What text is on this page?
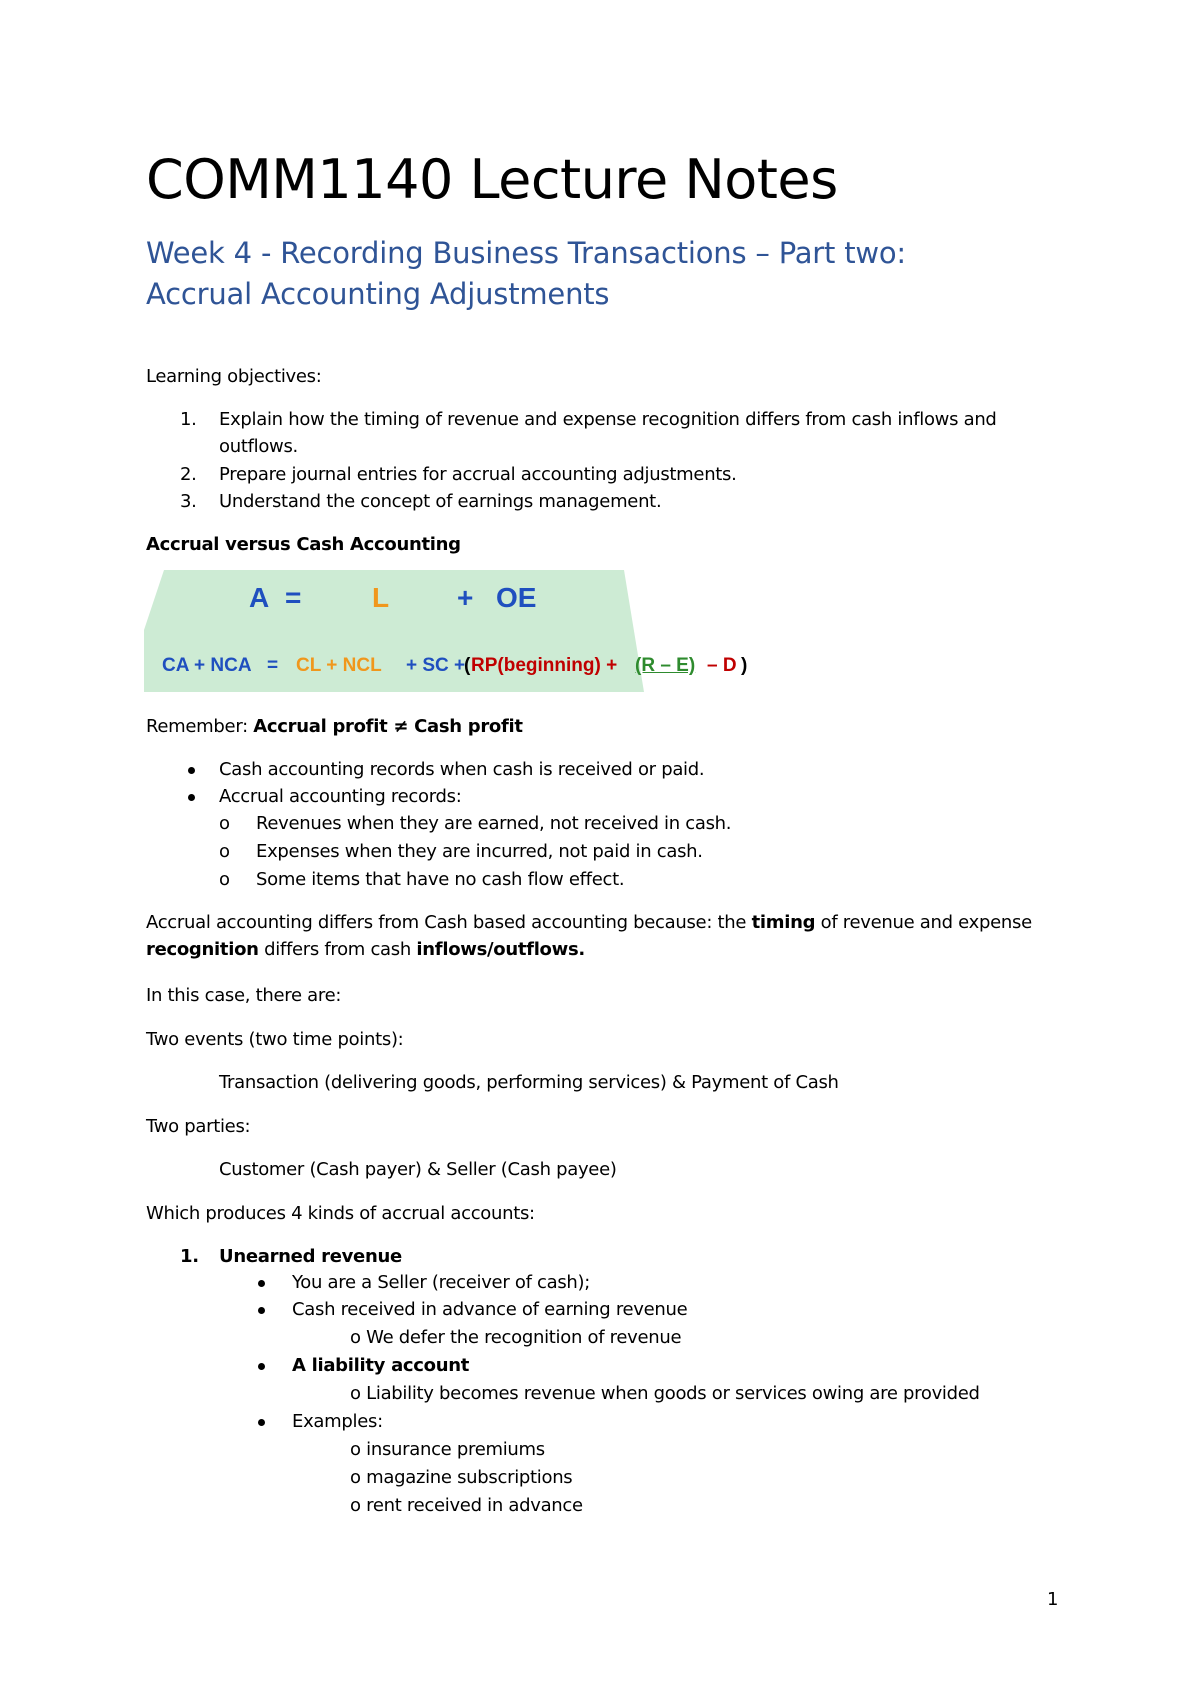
COMM1140 Lecture Notes
Week 4 - Recording Business Transactions – Part two:
Accrual Accounting Adjustments
Learning objectives:
1. Explain how the timing of revenue and expense recognition differs from cash inflows and
outflows.
2. Prepare journal entries for accrual accounting adjustments.
3. Understand the concept of earnings management.
Accrual versus Cash Accounting
A =	L + OE
CA + NCA = CL + NCL + SC +
( RP(beginning) + (R – E) – D )
Remember: Accrual profit ≠ Cash profit
Cash accounting records when cash is received or paid.
Accrual accounting records:
o Revenues when they are earned, not received in cash.
o Expenses when they are incurred, not paid in cash.
o Some items that have no cash flow effect.
Accrual accounting differs from Cash based accounting because: the timing of revenue and expense
recognition differs from cash inflows/outflows.
In this case, there are:
Two events (two time points):
Transaction (delivering goods, performing services) & Payment of Cash
Two parties:
Customer (Cash payer) & Seller (Cash payee)
Which produces 4 kinds of accrual accounts:
1. Unearned revenue
You are a Seller (receiver of cash);
Cash received in advance of earning revenue
o We defer the recognition of revenue
A liability account
o Liability becomes revenue when goods or services owing are provided
Examples:
o insurance premiums
o magazine subscriptions
o rent received in advance
1
